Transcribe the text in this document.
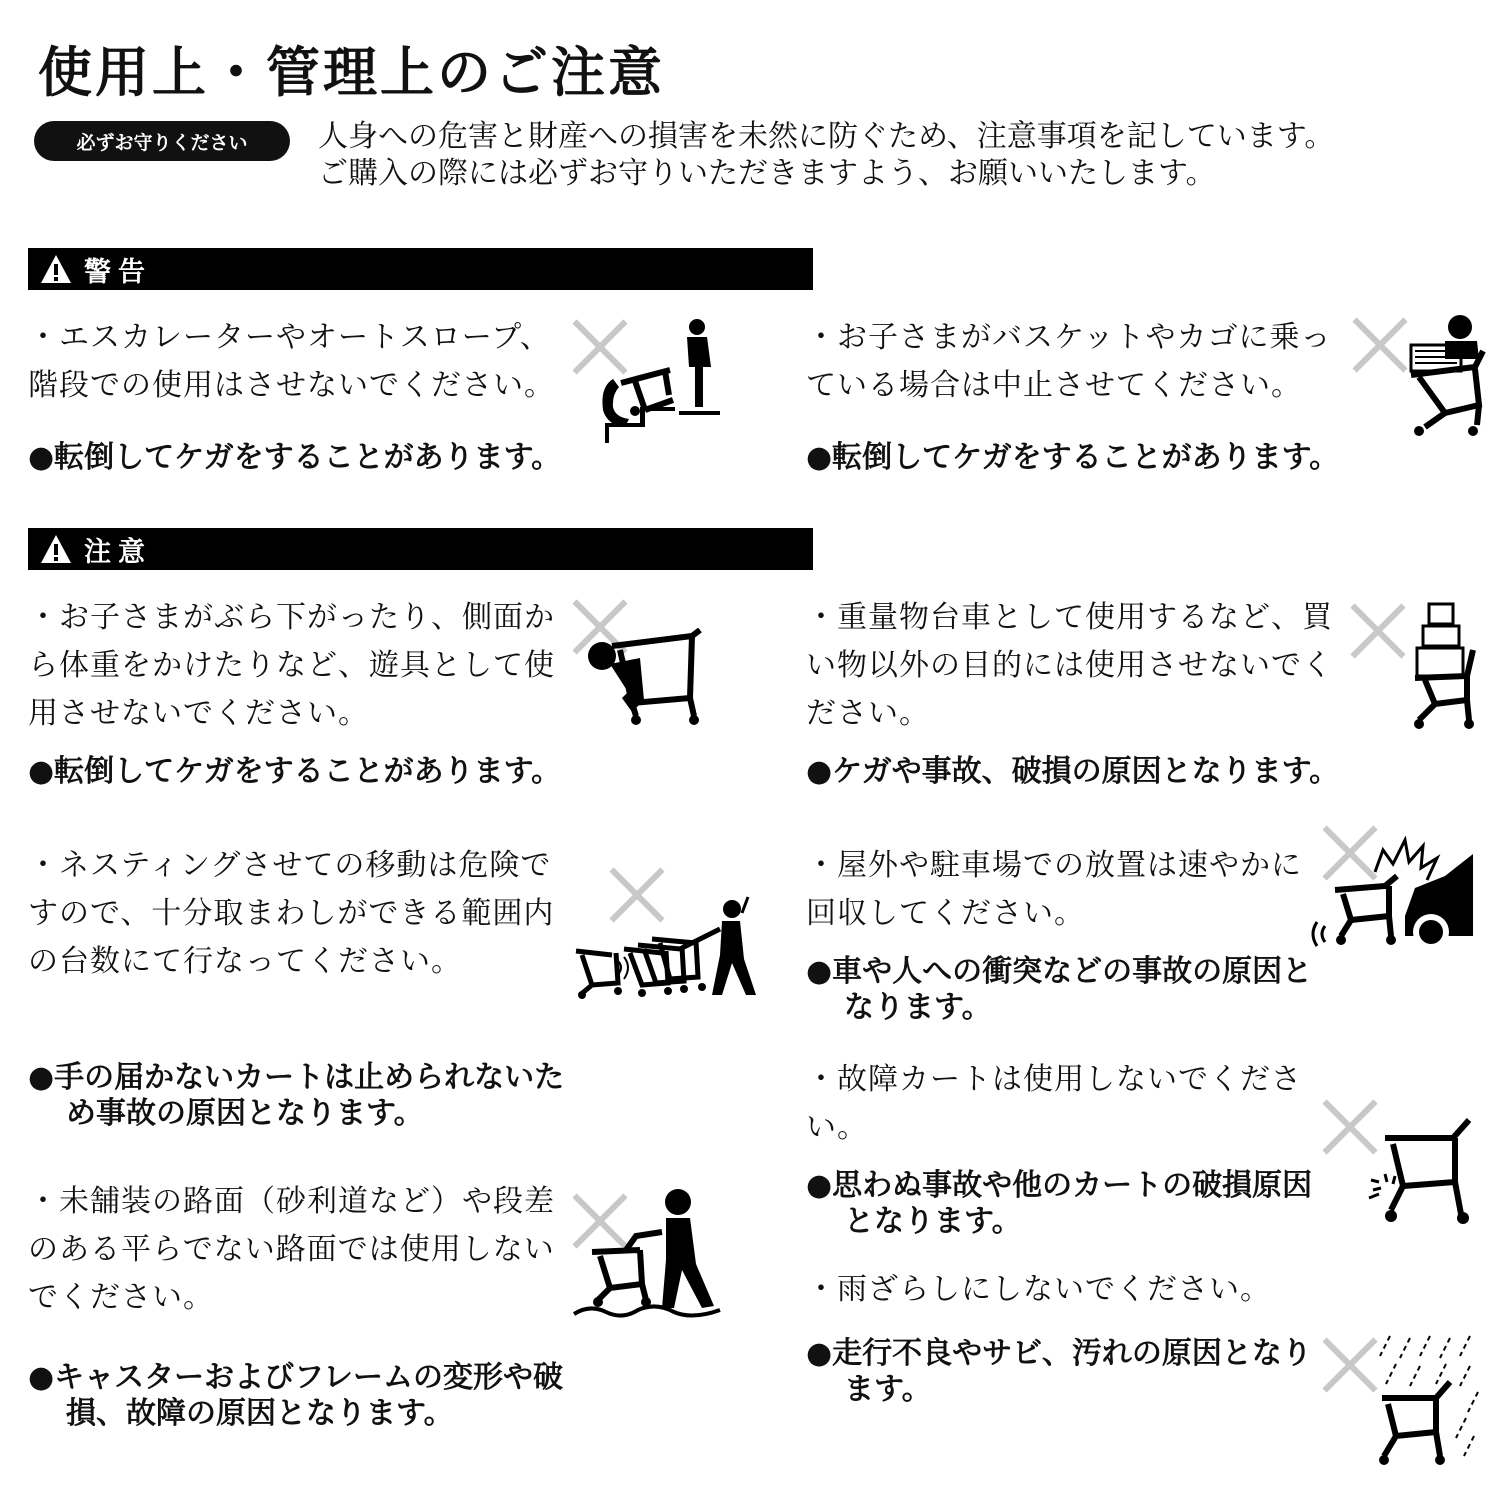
使用上・管理上のご注意
必ずお守りください	人身への危害と財産への損害を未然に防ぐため、注意事項を記しています。
ご購入の際には必ずお守りいただきますよう、お願いいたします。

警告

・エスカレーターやオートスロープ、階段での使用はさせないでください。

●転倒してケガをすることがあります。

・お子さまがバスケットやカゴに乗っている場合は中止させてください。

●転倒してケガをすることがあります。

注意

・お子さまがぶら下がったり、側面から体重をかけたりなど、遊具として使用させないでください。

●転倒してケガをすることがあります。

・重量物台車として使用するなど、買い物以外の目的には使用させないでください。

●ケガや事故、破損の原因となります。

・ネスティングさせての移動は危険ですので、十分取まわしができる範囲内の台数にて行なってください。

●手の届かないカートは止められないため事故の原因となります。

・屋外や駐車場での放置は速やかに回収してください。

●車や人への衝突などの事故の原因となります。

・故障カートは使用しないでください。

●思わぬ事故や他のカートの破損原因となります。

・未舗装の路面（砂利道など）や段差のある平らでない路面では使用しないでください。

●キャスターおよびフレームの変形や破損、故障の原因となります。

・雨ざらしにしないでください。

●走行不良やサビ、汚れの原因となります。
